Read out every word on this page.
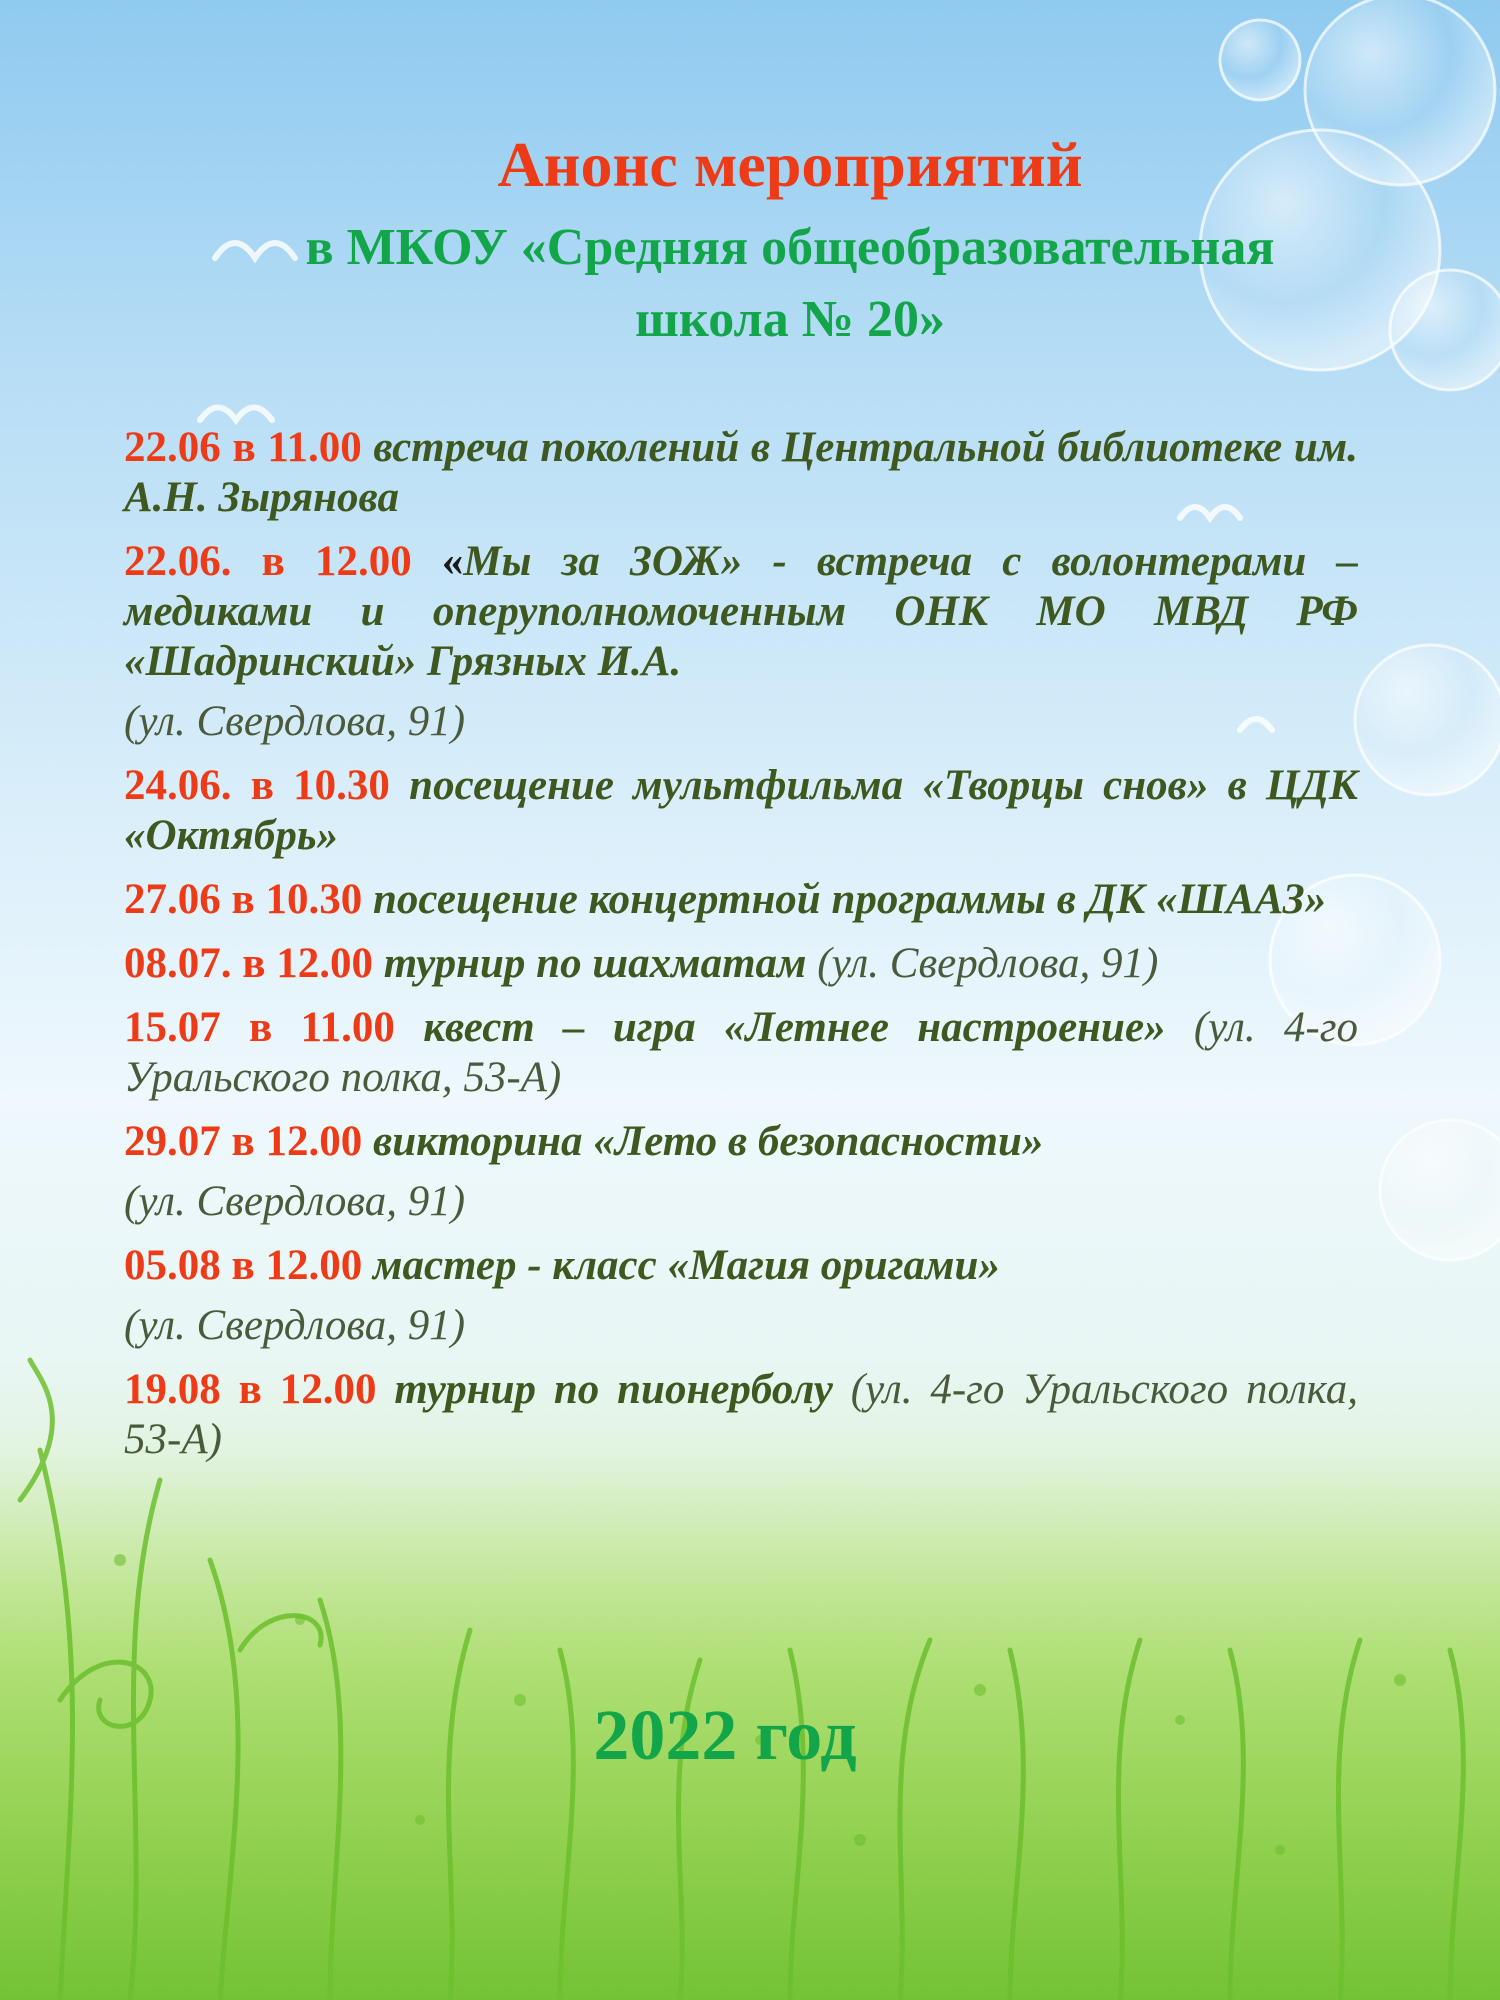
Анонс мероприятий
в МКОУ «Средняя общеобразовательная
школа № 20»
22.06 в 11.00 встреча поколений в Центральной библиотеке им. А.Н. Зырянова
22.06. в 12.00 «Мы за ЗОЖ» - встреча с волонтерами – медиками и оперуполномоченным ОНК МО МВД РФ «Шадринский» Грязных И.А.
(ул. Свердлова, 91)
24.06. в 10.30 посещение мультфильма «Творцы снов» в ЦДК «Октябрь»
27.06 в 10.30 посещение концертной программы в ДК «ШААЗ»
08.07. в 12.00 турнир по шахматам (ул. Свердлова, 91)
15.07 в 11.00 квест – игра «Летнее настроение» (ул. 4-го Уральского полка, 53-А)
29.07 в 12.00 викторина «Лето в безопасности»
(ул. Свердлова, 91)
05.08 в 12.00 мастер - класс «Магия оригами»
(ул. Свердлова, 91)
19.08 в 12.00 турнир по пионерболу (ул. 4-го Уральского полка, 53-А)
2022 год
